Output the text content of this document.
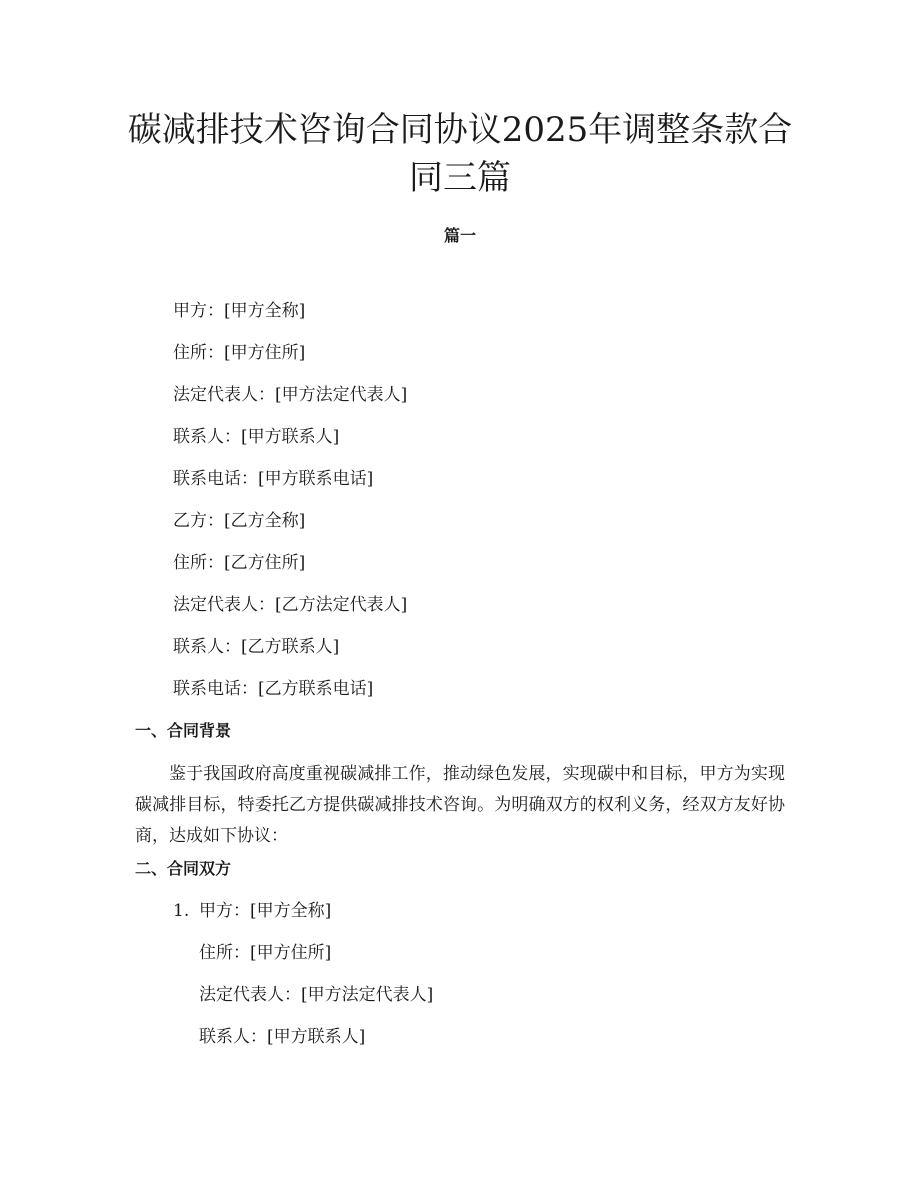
碳减排技术咨询合同协议2025年调整条款合同三篇
篇一
甲方：[甲方全称]
住所：[甲方住所]
法定代表人：[甲方法定代表人]
联系人：[甲方联系人]
联系电话：[甲方联系电话]
乙方：[乙方全称]
住所：[乙方住所]
法定代表人：[乙方法定代表人]
联系人：[乙方联系人]
联系电话：[乙方联系电话]
一、合同背景

鉴于我国政府高度重视碳减排工作，推动绿色发展，实现碳中和目标，甲方为实现碳减排目标，特委托乙方提供碳减排技术咨询。为明确双方的权利义务，经双方友好协商，达成如下协议：

二、合同双方
1. 甲方：[甲方全称]
住所：[甲方住所]
法定代表人：[甲方法定代表人]
联系人：[甲方联系人]
